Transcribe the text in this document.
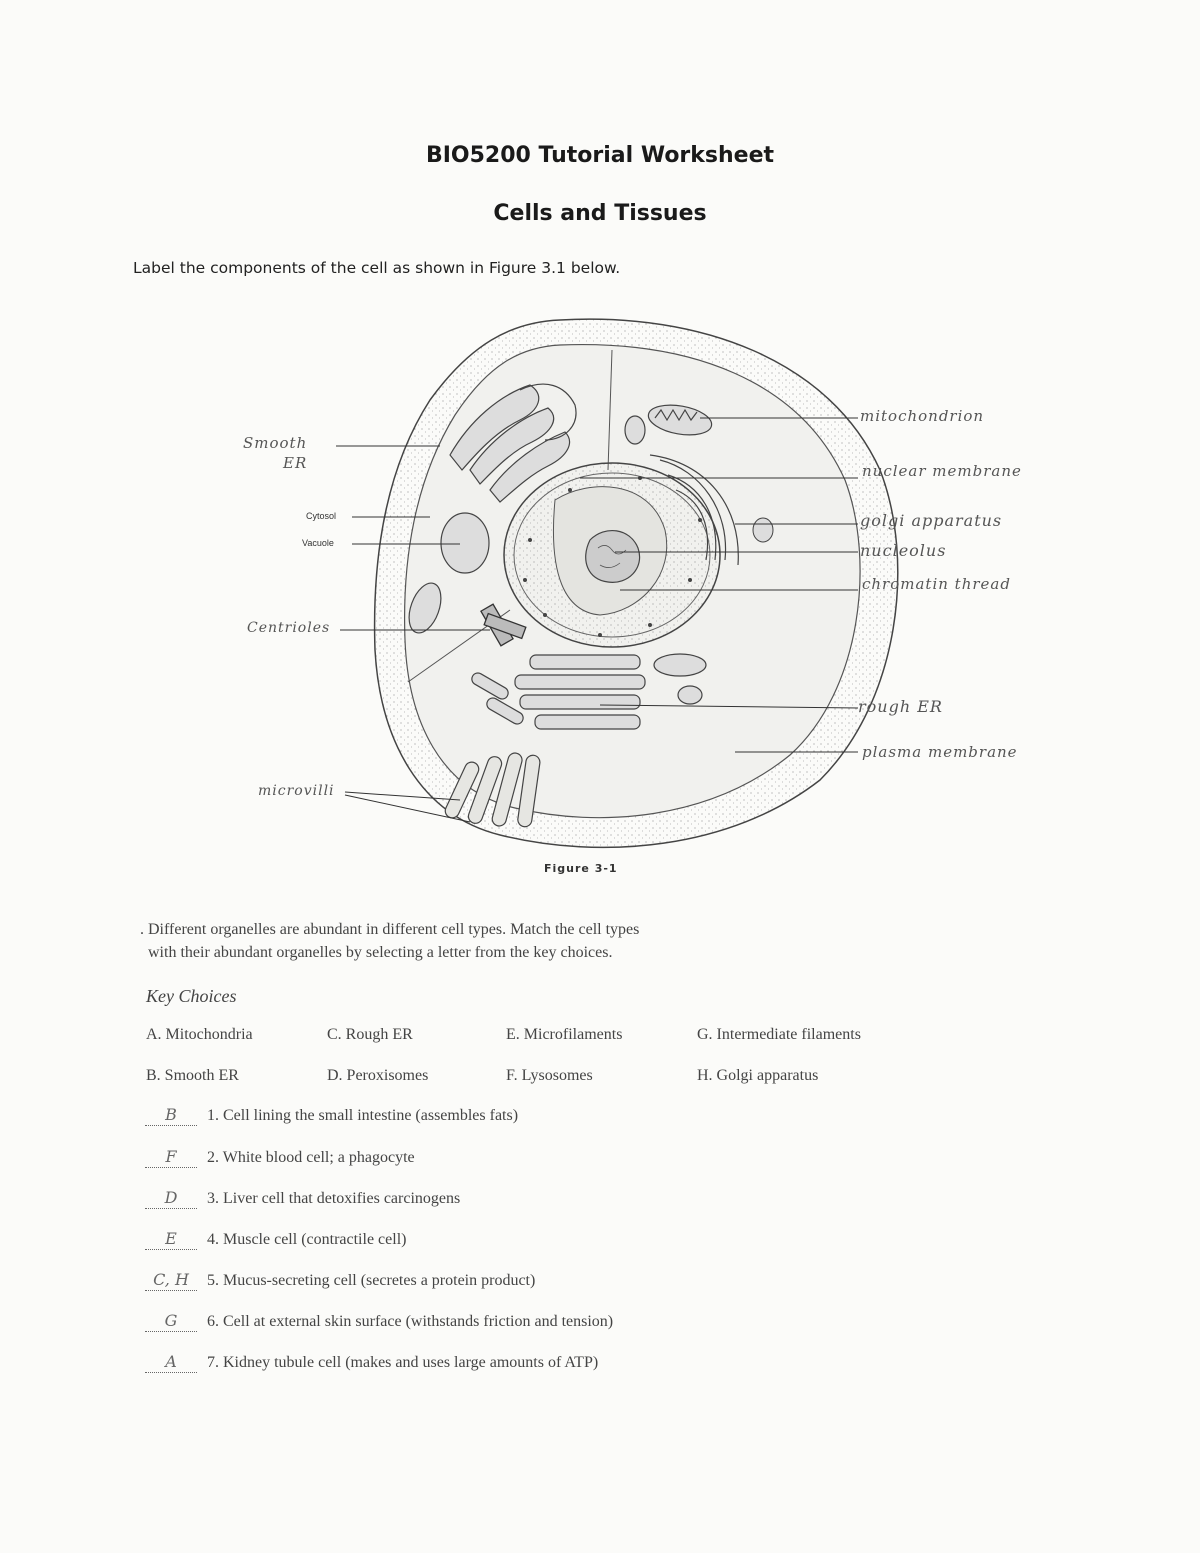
BIO5200 Tutorial Worksheet
Cells and Tissues
Label the components of the cell as shown in Figure 3.1 below.
Smooth
ER
Cytosol
Vacuole
Centrioles
microvilli
mitochondrion
nuclear membrane
golgi apparatus
nucleolus
chromatin thread
rough ER
plasma membrane
Figure 3-1
. Different organelles are abundant in different cell types. Match the cell types
with their abundant organelles by selecting a letter from the key choices.
Key Choices
A. Mitochondria	C. Rough ER	E. Microfilaments	G. Intermediate filaments
B. Smooth ER	D. Peroxisomes	F. Lysosomes	H. Golgi apparatus
B	1. Cell lining the small intestine (assembles fats)
F	2. White blood cell; a phagocyte
D	3. Liver cell that detoxifies carcinogens
E	4. Muscle cell (contractile cell)
C, H	5. Mucus-secreting cell (secretes a protein product)
G	6. Cell at external skin surface (withstands friction and tension)
A	7. Kidney tubule cell (makes and uses large amounts of ATP)
